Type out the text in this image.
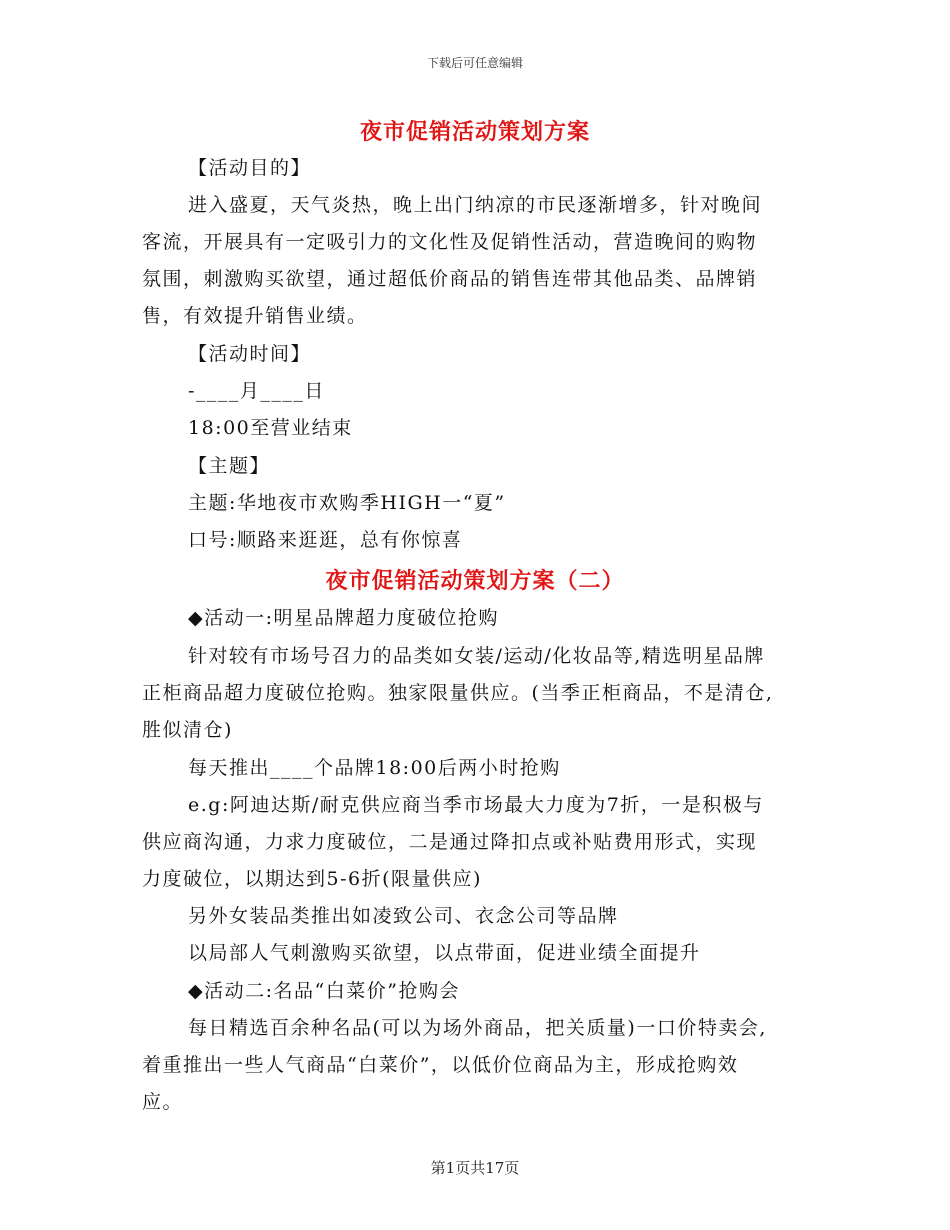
下载后可任意编辑
夜市促销活动策划方案
【活动目的】
进入盛夏，天气炎热，晚上出门纳凉的市民逐渐增多，针对晚间
客流，开展具有一定吸引力的文化性及促销性活动，营造晚间的购物
氛围，刺激购买欲望，通过超低价商品的销售连带其他品类、品牌销
售，有效提升销售业绩。
【活动时间】
-____月____日
18:00至营业结束
【主题】
主题:华地夜市欢购季HIGH一“夏”
口号:顺路来逛逛，总有你惊喜
夜市促销活动策划方案（二）
◆活动一:明星品牌超力度破位抢购
针对较有市场号召力的品类如女装/运动/化妆品等,精选明星品牌
正柜商品超力度破位抢购。独家限量供应。(当季正柜商品，不是清仓,
胜似清仓)
每天推出____个品牌18:00后两小时抢购
e.g:阿迪达斯/耐克供应商当季市场最大力度为7折，一是积极与
供应商沟通，力求力度破位，二是通过降扣点或补贴费用形式，实现
力度破位，以期达到5-6折(限量供应)
另外女装品类推出如凌致公司、衣念公司等品牌
以局部人气刺激购买欲望，以点带面，促进业绩全面提升
◆活动二:名品“白菜价”抢购会
每日精选百余种名品(可以为场外商品，把关质量)一口价特卖会,
着重推出一些人气商品“白菜价”，以低价位商品为主，形成抢购效
应。
第1页共17页
